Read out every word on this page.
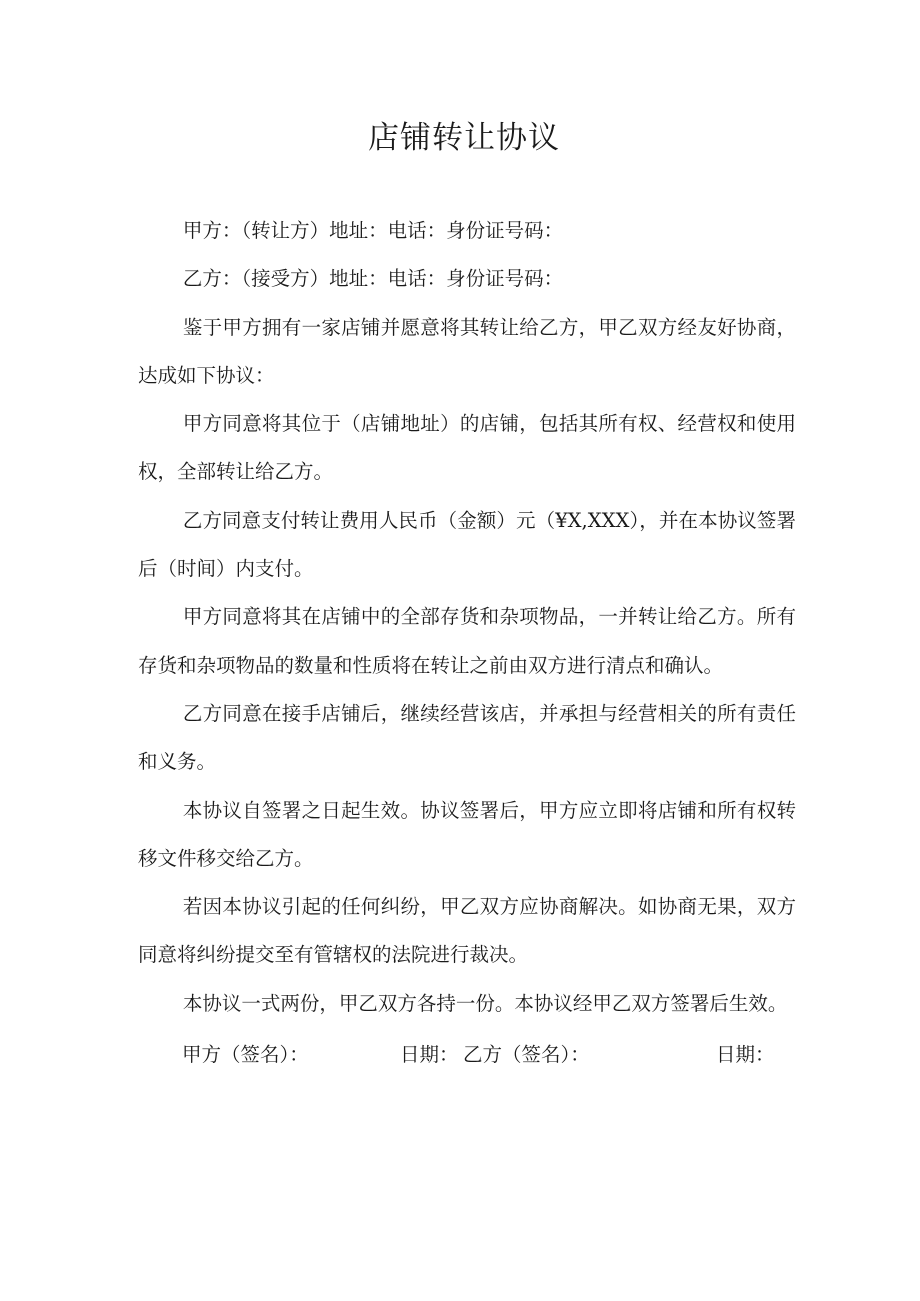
店铺转让协议

甲方：（转让方）地址：电话：身份证号码：

乙方：（接受方）地址：电话：身份证号码：

鉴于甲方拥有一家店铺并愿意将其转让给乙方，甲乙双方经友好协商，达成如下协议：

甲方同意将其位于（店铺地址）的店铺，包括其所有权、经营权和使用权，全部转让给乙方。

乙方同意支付转让费用人民币（金额）元（¥X,XXX），并在本协议签署后（时间）内支付。

甲方同意将其在店铺中的全部存货和杂项物品，一并转让给乙方。所有存货和杂项物品的数量和性质将在转让之前由双方进行清点和确认。

乙方同意在接手店铺后，继续经营该店，并承担与经营相关的所有责任和义务。

本协议自签署之日起生效。协议签署后，甲方应立即将店铺和所有权转移文件移交给乙方。

若因本协议引起的任何纠纷，甲乙双方应协商解决。如协商无果，双方同意将纠纷提交至有管辖权的法院进行裁决。

本协议一式两份，甲乙双方各持一份。本协议经甲乙双方签署后生效。

甲方（签名）：	日期： 乙方（签名）：	日期：
